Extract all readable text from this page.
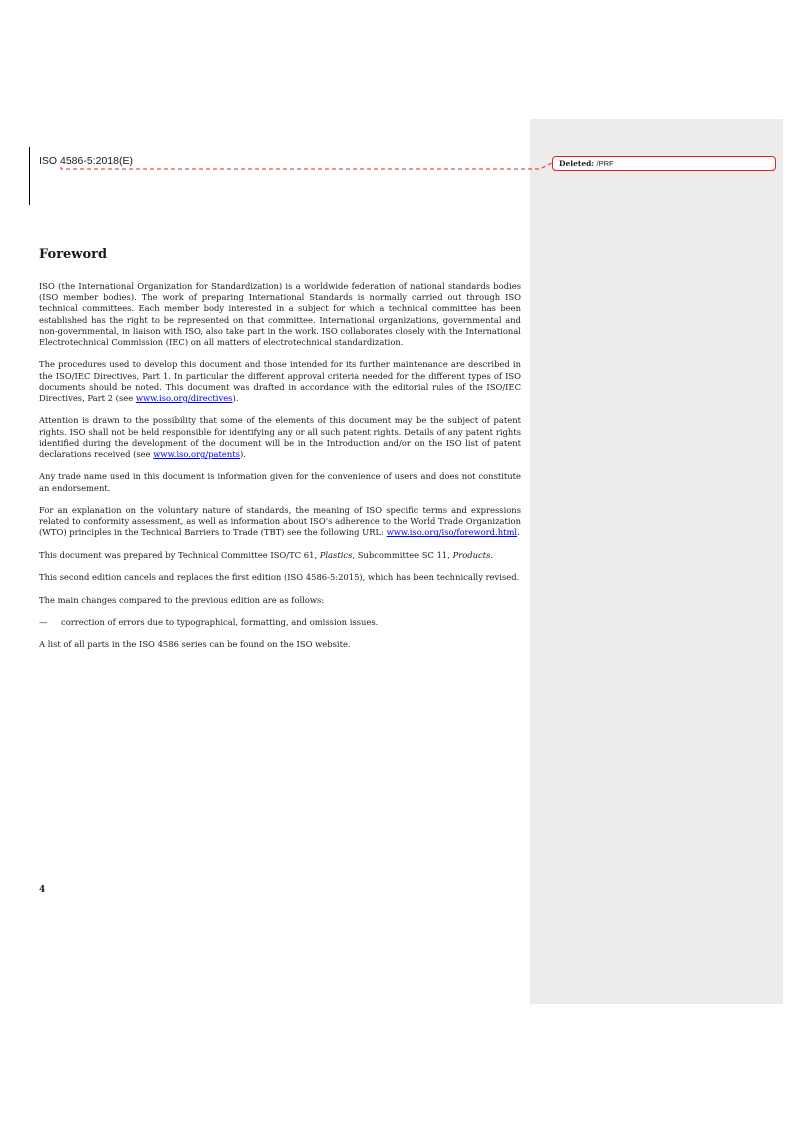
Deleted: /PRF
ISO 4586-5:2018(E)
Foreword

ISO (the International Organization for Standardization) is a worldwide federation of national standards bodies (ISO member bodies). The work of preparing International Standards is normally carried out through ISO technical committees. Each member body interested in a subject for which a technical committee has been established has the right to be represented on that committee. International organizations, governmental and non-governmental, in liaison with ISO, also take part in the work. ISO collaborates closely with the International Electrotechnical Commission (IEC) on all matters of electrotechnical standardization.

The procedures used to develop this document and those intended for its further maintenance are described in the ISO/IEC Directives, Part 1. In particular the different approval criteria needed for the different types of ISO documents should be noted. This document was drafted in accordance with the editorial rules of the ISO/IEC Directives, Part 2 (see www.iso.org/directives).

Attention is drawn to the possibility that some of the elements of this document may be the subject of patent rights. ISO shall not be held responsible for identifying any or all such patent rights. Details of any patent rights identified during the development of the document will be in the Introduction and/or on the ISO list of patent declarations received (see www.iso.org/patents).

Any trade name used in this document is information given for the convenience of users and does not constitute an endorsement.

For an explanation on the voluntary nature of standards, the meaning of ISO specific terms and expressions related to conformity assessment, as well as information about ISO's adherence to the World Trade Organization (WTO) principles in the Technical Barriers to Trade (TBT) see the following URL: www.iso.org/iso/foreword.html.

This document was prepared by Technical Committee ISO/TC 61, Plastics, Subcommittee SC 11, Products.

This second edition cancels and replaces the first edition (ISO 4586-5:2015), which has been technically revised.

The main changes compared to the previous edition are as follows:

—	correction of errors due to typographical, formatting, and omission issues.

A list of all parts in the ISO 4586 series can be found on the ISO website.

4
